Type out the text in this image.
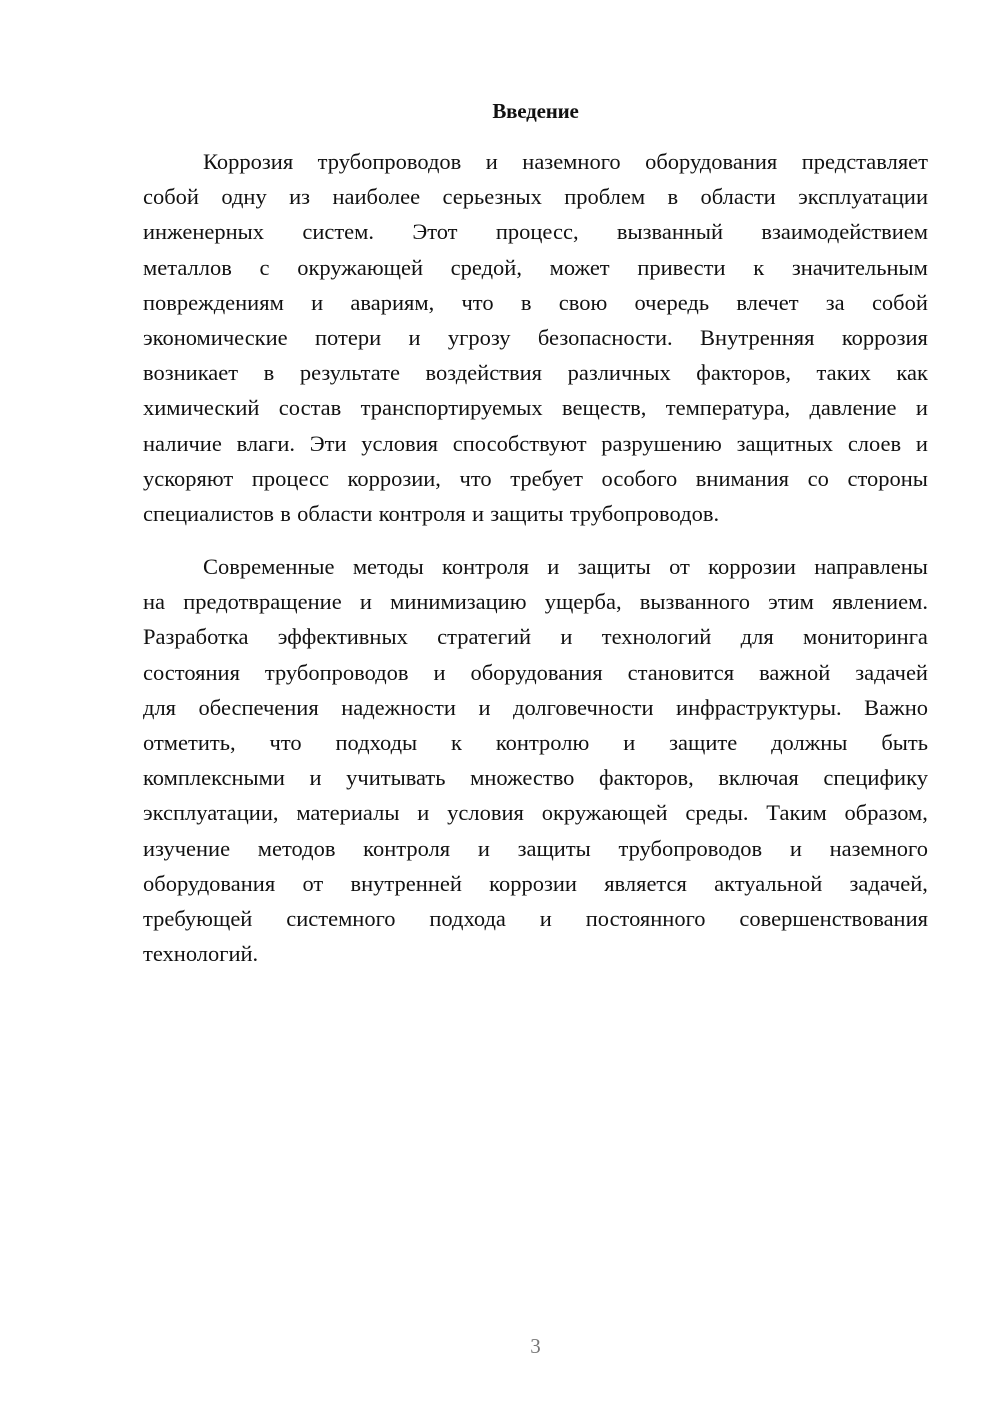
Введение
Коррозия трубопроводов и наземного оборудования представляет
собой одну из наиболее серьезных проблем в области эксплуатации
инженерных систем. Этот процесс, вызванный взаимодействием
металлов с окружающей средой, может привести к значительным
повреждениям и авариям, что в свою очередь влечет за собой
экономические потери и угрозу безопасности. Внутренняя коррозия
возникает в результате воздействия различных факторов, таких как
химический состав транспортируемых веществ, температура, давление и
наличие влаги. Эти условия способствуют разрушению защитных слоев и
ускоряют процесс коррозии, что требует особого внимания со стороны
специалистов в области контроля и защиты трубопроводов.
Современные методы контроля и защиты от коррозии направлены
на предотвращение и минимизацию ущерба, вызванного этим явлением.
Разработка эффективных стратегий и технологий для мониторинга
состояния трубопроводов и оборудования становится важной задачей
для обеспечения надежности и долговечности инфраструктуры. Важно
отметить, что подходы к контролю и защите должны быть
комплексными и учитывать множество факторов, включая специфику
эксплуатации, материалы и условия окружающей среды. Таким образом,
изучение методов контроля и защиты трубопроводов и наземного
оборудования от внутренней коррозии является актуальной задачей,
требующей системного подхода и постоянного совершенствования
технологий.
3
